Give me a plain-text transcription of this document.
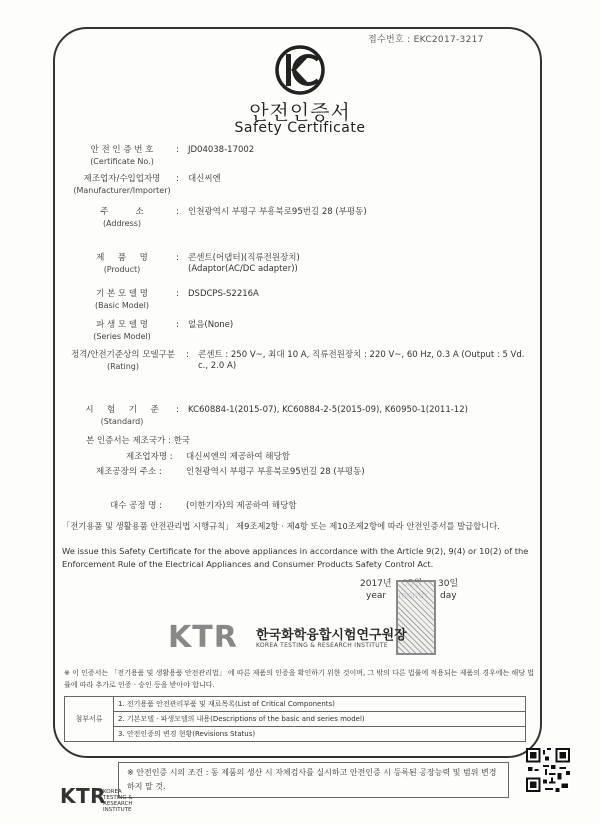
접수번호 : EKC2017-3217
안전인증서
Safety Certificate
안 전 인 증 번 호
(Certificate No.)
: JD04038-17002
제조업자/수입업자명
(Manufacturer/Importer)
: 대신씨엔
주          소
(Address)
: 인천광역시 부평구 부흥북로95번길 28 (부평동)
제     품     명
(Product)
: 콘센트(어댑터)(직류전원장치)
(Adaptor(AC/DC adapter))
기 본 모 델 명
(Basic Model)
: DSDCPS-S2216A
파 생 모 델 명
(Series Model)
: 없음(None)
정격/안전기준상의 모델구분
(Rating)
: 콘센트 : 250 V~, 최대 10 A, 직류전원장치 : 220 V~, 60 Hz, 0.3 A (Output : 5 Vd.
c., 2.0 A)
시     험     기     준
(Standard)
: KC60884-1(2015-07), KC60884-2-5(2015-09), K60950-1(2011-12)
본 인증서는 제조국가 : 한국
제조업자명 : 대신씨엔의 제공하여 해당함
제조공장의 주소 :	인천광역시 부평구 부흥북로95번길 28 (부평동)
대수 공정 명 :	(이한기자)의 제공하여 해당함
「전기용품 및 생활용품 안전관리법 시행규칙」 제9조제2항 · 제4항 또는 제10조제2항에 따라 안전인증서를 발급합니다.
We issue this Safety Certificate for the above appliances in accordance with the Article 9(2), 9(4) or 10(2) of the Enforcement Rule of the Electrical Appliances and Consumer Products Safety Control Act.
2017년	30일
year	day
KTR 한국화학융합시험연구원장
KOREA TESTING & RESEARCH INSTITUTE
※ 이 인증서는 「전기용품 및 생활용품 안전관리법」 에 따른 제품의 인증을 확인하기 위한 것이며, 그 밖의 다른 법률에 적용되는 제품의 경우에는 해당 법률에 따라 추가로 인증 · 승인 등을 받아야 합니다.
첨부서류	1. 전기용품 안전관리부품 및 재료목록(List of Critical Components)
2. 기본모델 · 파생모델의 내용(Descriptions of the basic and series model)
3. 안전인증의 변경 현황(Revisions Status)
※ 안전인증 시의 조건 : 동 제품의 생산 시 자체검사를 실시하고 안전인증 시 등록된 공장능력 및 범위 변경하지 말 것.
KTR
KOREA TESTING & RESEARCH INSTITUTE
